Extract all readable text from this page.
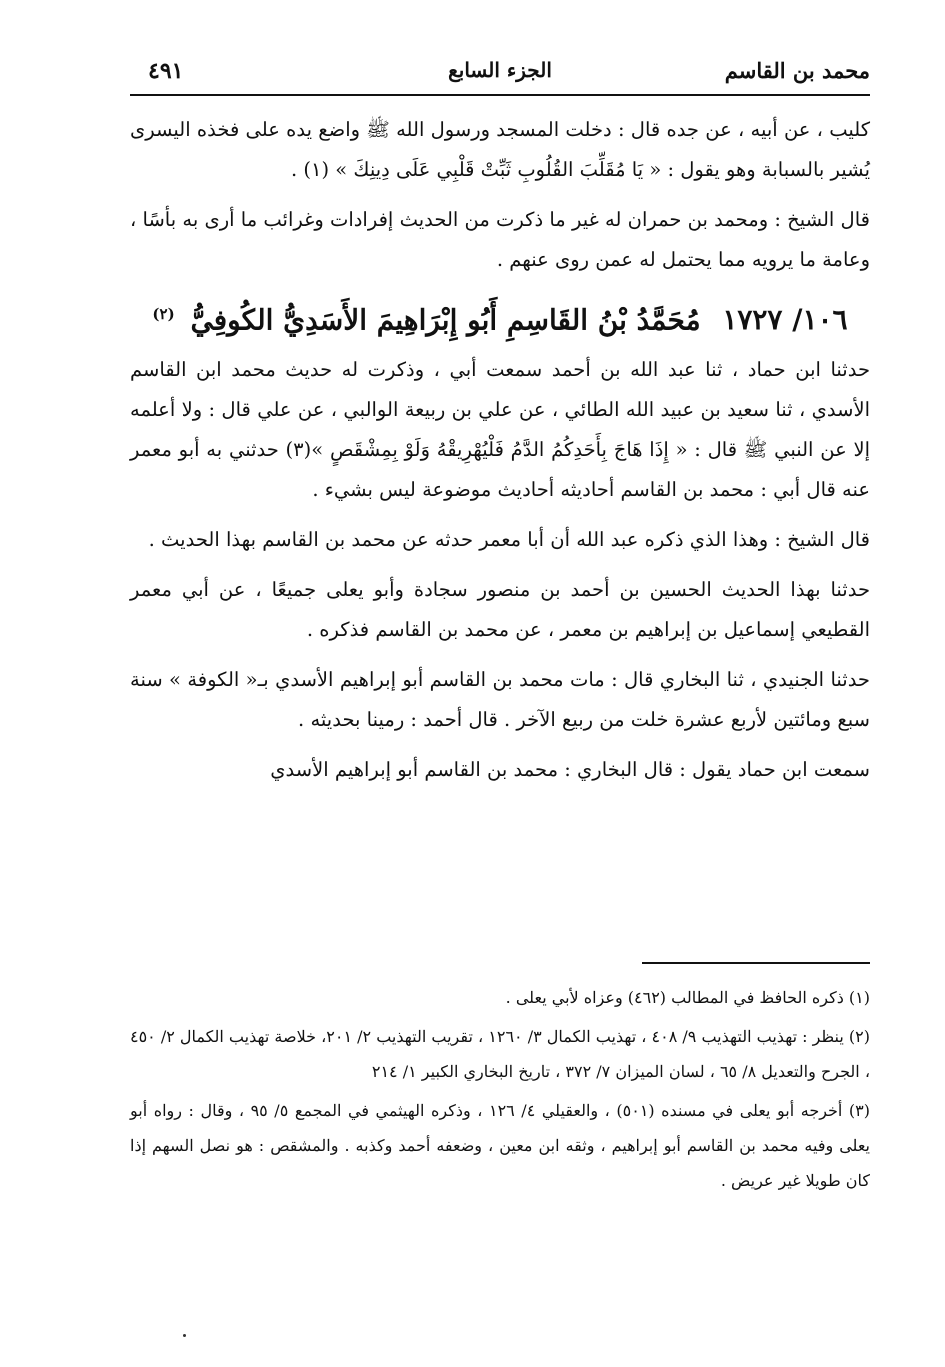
محمد بن القاسم
الجزء السابع
٤٩١

كليب ، عن أبيه ، عن جده قال : دخلت المسجد ورسول الله ﷺ واضع يده على فخذه اليسرى يُشير بالسبابة وهو يقول : « يَا مُقَلِّبَ القُلُوبِ ثَبِّتْ قَلْبِي عَلَى دِينِكَ » (١) .

قال الشيخ : ومحمد بن حمران له غير ما ذكرت من الحديث إفرادات وغرائب ما أرى به بأسًا ، وعامة ما يرويه مما يحتمل له عمن روى عنهم .

١٠٦/ ١٧٢٧ مُحَمَّدُ بْنُ القَاسِمِ أَبُو إِبْرَاهِيمَ الأَسَدِيُّ الكُوفِيُّ $^{(٢)}$

حدثنا ابن حماد ، ثنا عبد الله بن أحمد سمعت أبي ، وذكرت له حديث محمد ابن القاسم الأسدي ، ثنا سعيد بن عبيد الله الطائي ، عن علي بن ربيعة الوالبي ، عن علي قال : ولا أعلمه إلا عن النبي ﷺ قال : « إِذَا هَاجَ بِأَحَدِكُمُ الدَّمُ فَلْيُهْرِيقْهُ وَلَوْ بِمِشْقَصٍ »(٣) حدثني به أبو معمر عنه قال أبي : محمد بن القاسم أحاديثه أحاديث موضوعة ليس بشيء .

قال الشيخ : وهذا الذي ذكره عبد الله أن أبا معمر حدثه عن محمد بن القاسم بهذا الحديث .

حدثنا بهذا الحديث الحسين بن أحمد بن منصور سجادة وأبو يعلى جميعًا ، عن أبي معمر القطيعي إسماعيل بن إبراهيم بن معمر ، عن محمد بن القاسم فذكره .

حدثنا الجنيدي ، ثنا البخاري قال : مات محمد بن القاسم أبو إبراهيم الأسدي بـ« الكوفة » سنة سبع ومائتين لأربع عشرة خلت من ربيع الآخر . قال أحمد : رمينا بحديثه .

سمعت ابن حماد يقول : قال البخاري : محمد بن القاسم أبو إبراهيم الأسدي

(١) ذكره الحافظ في المطالب (٤٦٢) وعزاه لأبي يعلى .

(٢) ينظر : تهذيب التهذيب ٩/ ٤٠٨ ، تهذيب الكمال ٣/ ١٢٦٠ ، تقريب التهذيب ٢/ ٢٠١، خلاصة تهذيب الكمال ٢/ ٤٥٠ ، الجرح والتعديل ٨/ ٦٥ ، لسان الميزان ٧/ ٣٧٢ ، تاريخ البخاري الكبير ١/ ٢١٤

(٣) أخرجه أبو يعلى في مسنده (٥٠١) ، والعقيلي ٤/ ١٢٦ ، وذكره الهيثمي في المجمع ٥/ ٩٥ ، وقال : رواه أبو يعلى وفيه محمد بن القاسم أبو إبراهيم ، وثقه ابن معين ، وضعفه أحمد وكذبه . والمشقص : هو نصل السهم إذا كان طويلا غير عريض .
